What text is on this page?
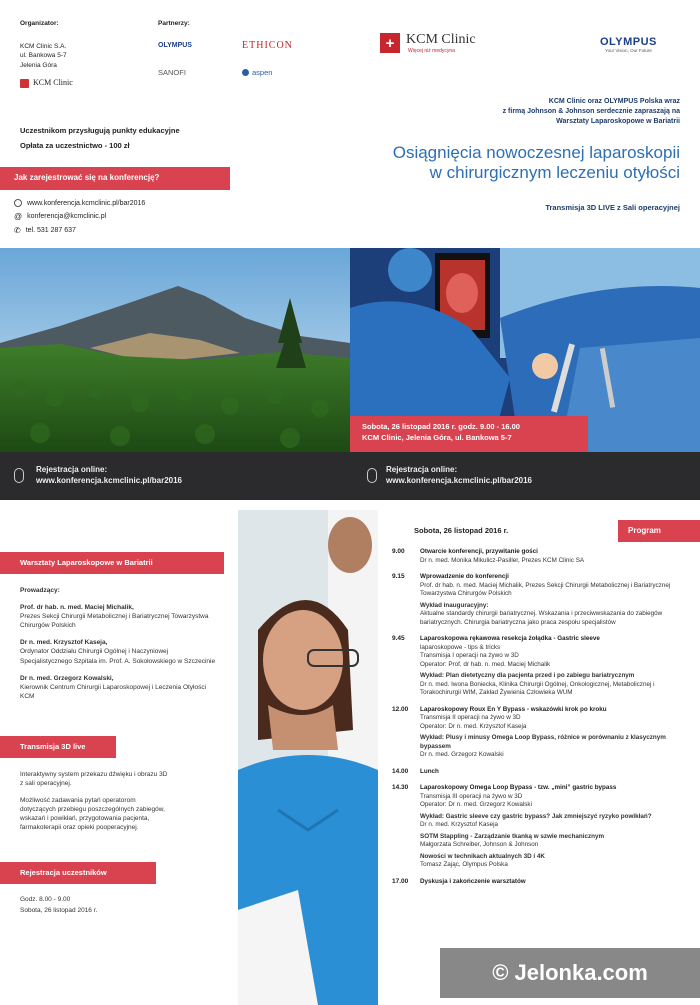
Organizator:
KCM Clinic S.A.
ul. Bankowa 5-7
Jelenia Góra
KCM Clinic
Partnerzy:
OLYMPUS	ETHICON
SANOFI	aspen
Uczestnikom przysługują punkty edukacyjne
Opłata za uczestnictwo - 100 zł
Jak zarejestrować się na konferencję?
www.konferencja.kcmclinic.pl/bar2016
@ konferencja@kcmclinic.pl
✆ tel. 531 287 637
+ KCM Clinic
Więcej niż medycyna
OLYMPUS
Your Vision, Our Future
KCM Clinic oraz OLYMPUS Polska wraz
z firmą Johnson & Johnson serdecznie zapraszają na
Warsztaty Laparoskopowe w Bariatrii
Osiągnięcia nowoczesnej laparoskopii
w chirurgicznym leczeniu otyłości
Transmisja 3D LIVE z Sali operacyjnej
Sobota, 26 listopad 2016 r. godz. 9.00 - 16.00
KCM Clinic, Jelenia Góra, ul. Bankowa 5-7
Rejestracja online:
www.konferencja.kcmclinic.pl/bar2016
Rejestracja online:
www.konferencja.kcmclinic.pl/bar2016
Warsztaty Laparoskopowe w Bariatrii
Prowadzący:
Prof. dr hab. n. med. Maciej Michalik,
Prezes Sekcji Chirurgii Metabolicznej i Bariatrycznej Towarzystwa Chirurgów Polskich
Dr n. med. Krzysztof Kaseja,
Ordynator Oddziału Chirurgii Ogólnej i Naczyniowej Specjalistycznego Szpitala im. Prof. A. Sokołowskiego w Szczecinie
Dr n. med. Grzegorz Kowalski,
Kierownik Centrum Chirurgii Laparoskopowej i Leczenia Otyłości KCM
Transmisja 3D live
Interaktywny system przekazu dźwięku i obrazu 3D z sali operacyjnej.
Możliwość zadawania pytań operatorom dotyczących przebiegu poszczególnych zabiegów, wskazań i powikłań, przygotowania pacjenta, farmakoterapii oraz opieki pooperacyjnej.
Rejestracja uczestników
Godz. 8.00 - 9.00
Sobota, 26 listopad 2016 r.
Sobota, 26 listopad 2016 r.	Program
9.00	Otwarcie konferencji, przywitanie gości
Dr n. med. Monika Mikulicz-Pasiller, Prezes KCM Clinic SA
9.15	Wprowadzenie do konferencji
Prof. dr hab. n. med. Maciej Michalik, Prezes Sekcji Chirurgii Metabolicznej i Bariatrycznej Towarzystwa Chirurgów Polskich
Wykład inauguracyjny:
Aktualne standardy chirurgii bariatrycznej. Wskazania i przeciwwskazania do zabiegów bariatrycznych. Chirurgia bariatryczna jako praca zespołu specjalistów
9.45	Laparoskopowa rękawowa resekcja żołądka - Gastric sleeve
laparoskopowe - tips & tricks
Transmisja I operacji na żywo w 3D
Operator: Prof. dr hab. n. med. Maciej Michalik
Wykład: Plan dietetyczny dla pacjenta przed i po zabiegu bariatrycznym
Dr n. med. Iwona Boniecka, Klinika Chirurgii Ogólnej, Onkologicznej, Metabolicznej i Torakochirurgii WIM, Zakład Żywienia Człowieka WUM
12.00	Laparoskopowy Roux En Y Bypass - wskazówki krok po kroku
Transmisja II operacji na żywo w 3D
Operator: Dr n. med. Krzysztof Kaseja
Wykład: Plusy i minusy Omega Loop Bypass, różnice w porównaniu z klasycznym bypassem
Dr n. med. Grzegorz Kowalski
14.00	Lunch
14.30	Laparoskopowy Omega Loop Bypass - tzw. „mini” gastric bypass
Transmisja III operacji na żywo w 3D
Operator: Dr n. med. Grzegorz Kowalski
Wykład: Gastric sleeve czy gastric bypass? Jak zmniejszyć ryzyko powikłań?
Dr n. med. Krzysztof Kaseja
SOTM Stappling - Zarządzanie tkanką w szwie mechanicznym
Małgorzata Schreiber, Johnson & Johnson
Nowości w technikach aktualnych 3D i 4K
Tomasz Zając, Olympus Polska
17.00	Dyskusja i zakończenie warsztatów
© Jelonka.com
